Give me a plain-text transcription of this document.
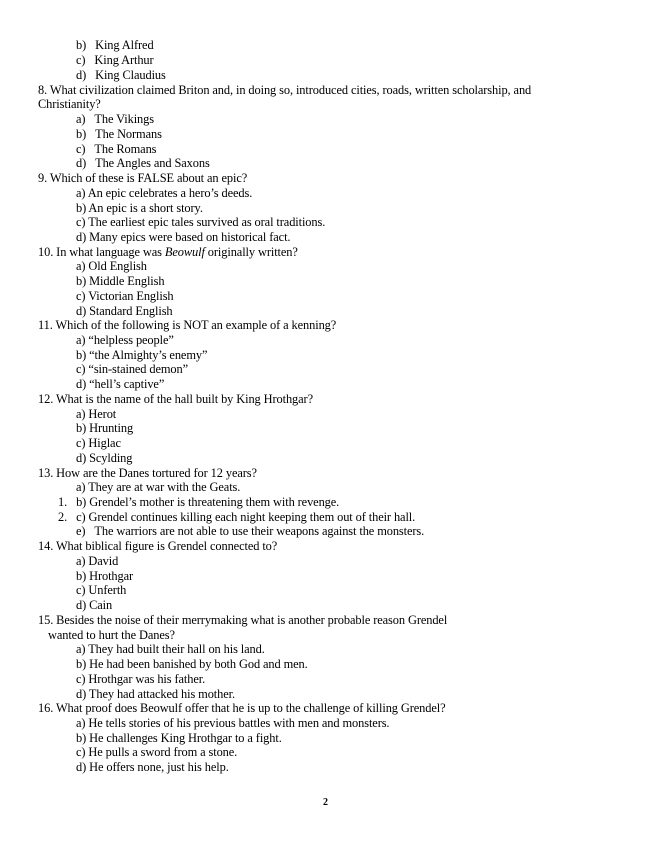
b)   King Alfred
c)   King Arthur
d)   King Claudius
8. What civilization claimed Briton and, in doing so, introduced cities, roads, written scholarship, and
Christianity?
a)   The Vikings
b)   The Normans
c)   The Romans
d)   The Angles and Saxons
9. Which of these is FALSE about an epic?
a) An epic celebrates a hero’s deeds.
b) An epic is a short story.
c) The earliest epic tales survived as oral traditions.
d) Many epics were based on historical fact.
10. In what language was Beowulf originally written?
a) Old English
b) Middle English
c) Victorian English
d) Standard English
11. Which of the following is NOT an example of a kenning?
a) “helpless people”
b) “the Almighty’s enemy”
c) “sin-stained demon”
d) “hell’s captive”
12. What is the name of the hall built by King Hrothgar?
a) Herot
b) Hrunting
c) Higlac
d) Scylding
13. How are the Danes tortured for 12 years?
a) They are at war with the Geats.
1.   b) Grendel’s mother is threatening them with revenge.
2.   c) Grendel continues killing each night keeping them out of their hall.
e)   The warriors are not able to use their weapons against the monsters.
14. What biblical figure is Grendel connected to?
a) David
b) Hrothgar
c) Unferth
d) Cain
15. Besides the noise of their merrymaking what is another probable reason Grendel
wanted to hurt the Danes?
a) They had built their hall on his land.
b) He had been banished by both God and men.
c) Hrothgar was his father.
d) They had attacked his mother.
16. What proof does Beowulf offer that he is up to the challenge of killing Grendel?
a) He tells stories of his previous battles with men and monsters.
b) He challenges King Hrothgar to a fight.
c) He pulls a sword from a stone.
d) He offers none, just his help.
2
